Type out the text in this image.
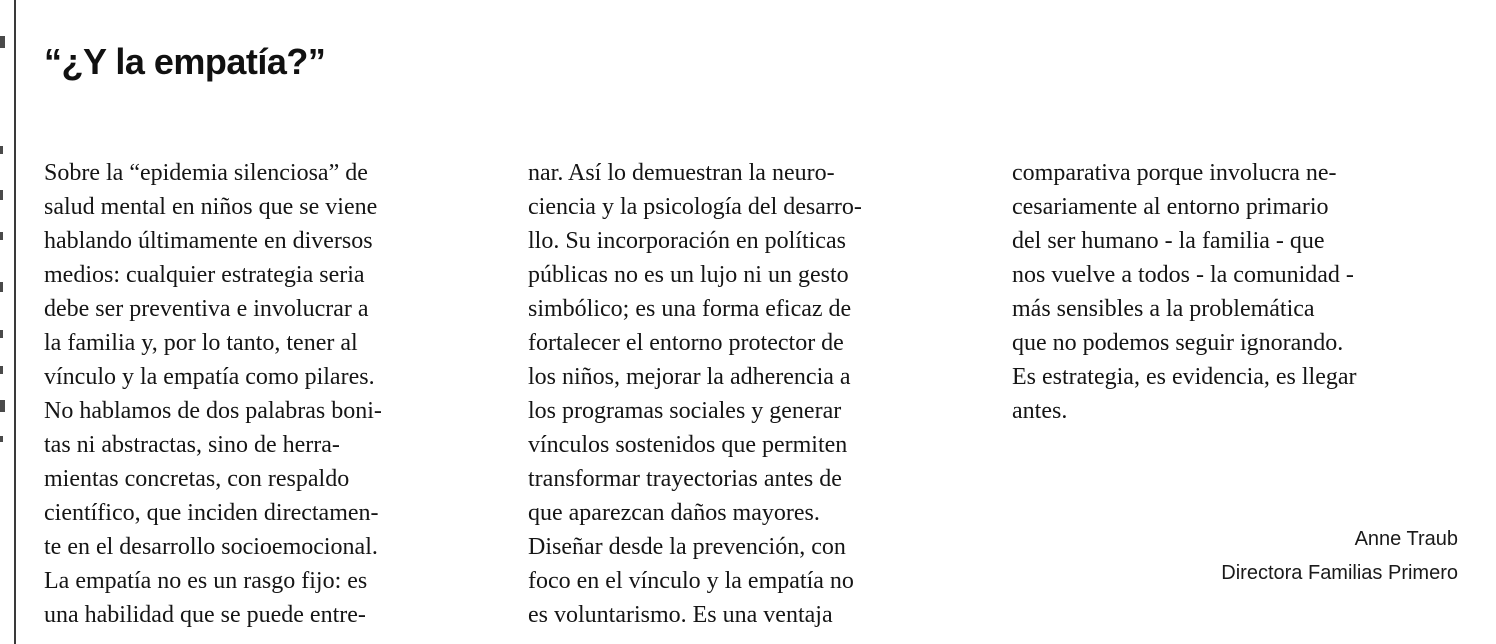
“¿Y la empatía?”
Sobre la “epidemia silenciosa” de
salud mental en niños que se viene
hablando últimamente en diversos
medios: cualquier estrategia seria
debe ser preventiva e involucrar a
la familia y, por lo tanto, tener al
vínculo y la empatía como pilares.
No hablamos de dos palabras boni-
tas ni abstractas, sino de herra-
mientas concretas, con respaldo
científico, que inciden directamen-
te en el desarrollo socioemocional.
La empatía no es un rasgo fijo: es
una habilidad que se puede entre-
nar. Así lo demuestran la neuro-
ciencia y la psicología del desarro-
llo. Su incorporación en políticas
públicas no es un lujo ni un gesto
simbólico; es una forma eficaz de
fortalecer el entorno protector de
los niños, mejorar la adherencia a
los programas sociales y generar
vínculos sostenidos que permiten
transformar trayectorias antes de
que aparezcan daños mayores.
Diseñar desde la prevención, con
foco en el vínculo y la empatía no
es voluntarismo. Es una ventaja
comparativa porque involucra ne-
cesariamente al entorno primario
del ser humano - la familia - que
nos vuelve a todos - la comunidad -
más sensibles a la problemática
que no podemos seguir ignorando.
Es estrategia, es evidencia, es llegar
antes.
Anne Traub
Directora Familias Primero
